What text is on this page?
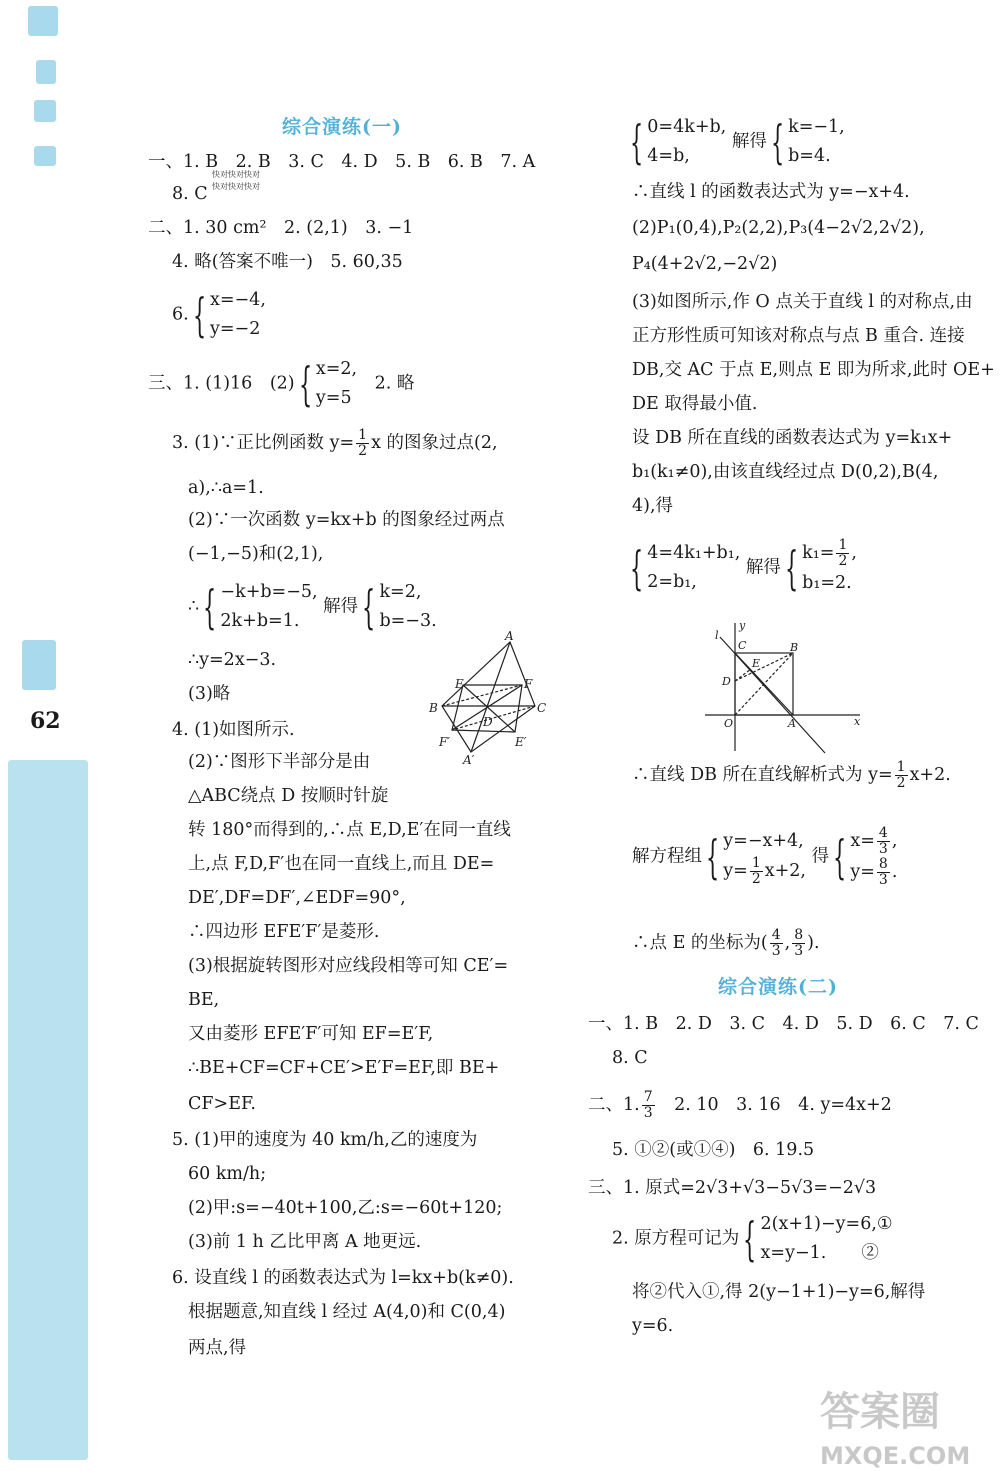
62
综合演练(一)
一、1. B　2. B　3. C　4. D　5. B　6. B　7. A
快对快对快对
快对快对快对
8. C
二、1. 30 cm²　2. (2,1)　3. −1
4. 略(答案不唯一)　5. 60,35
6.{ x=−4,
y=−2
三、1. (1)16　(2){ x=2,
y=5
　2. 略
3. (1)∵正比例函数 $y= \frac{1}{2}$ x 的图象过点(2,
a),∴a=1.
(2)∵一次函数 y=kx+b 的图象经过两点
(−1,−5)和(2,1),
∴{ −k+b=−5,
2k+b=1.
解得{ k=2,
b=−3.
∴y=2x−3.
(3)略
4. (1)如图所示.
(2)∵图形下半部分是由
△ABC绕点 D 按顺时针旋
转 180°而得到的,∴点 E,D,E′在同一直线
上,点 F,D,F′也在同一直线上,而且 DE=
DE′,DF=DF′,∠EDF=90°,
∴四边形 EFE′F′是菱形.
(3)根据旋转图形对应线段相等可知 CE′=
BE,
又由菱形 EFE′F′可知 EF=E′F,
∴BE+CF=CF+CE′>E′F=EF,即 BE+
CF>EF.
5. (1)甲的速度为 40 km/h,乙的速度为
60 km/h;
(2)甲:s=−40t+100,乙:s=−60t+120;
(3)前 1 h 乙比甲离 A 地更远.
6. 设直线 l 的函数表达式为 l=kx+b(k≠0).
根据题意,知直线 l 经过 A(4,0)和 C(0,4)
两点,得
A
B	C
D
E	F
E′
F′
A′
{ 0=4k+b,
4=b,
解得{ k=−1,
b=4.
∴直线 l 的函数表达式为 y=−x+4.
(2)P₁(0,4),P₂(2,2),P₃(4−2√2,2√2),
P₄(4+2√2,−2√2)
(3)如图所示,作 O 点关于直线 l 的对称点,由
正方形性质可知该对称点与点 B 重合. 连接
DB,交 AC 于点 E,则点 E 即为所求,此时 OE+
DE 取得最小值.
设 DB 所在直线的函数表达式为 y=k₁x+
b₁(k₁≠0),由该直线经过点 D(0,2),B(4,
4),得
{ 4=4k₁+b₁,
2=b₁,
解得{ $k_1= \frac{1}{2}$ ,
b₁=2.
∴直线 DB 所在直线解析式为 $y= \frac{1}{2} x+2$.
解方程组{ y=−x+4,
$y= \frac{1}{2} x+2$,
得{ $x= \frac{4}{3}$ ,
$y= \frac{8}{3}$ .
∴点 E 的坐标为( $\frac{4}{3}$ , $\frac{8}{3}$ ).
综合演练(二)
一、1. B　2. D　3. C　4. D　5. D　6. C　7. C
8. C
二、1. $\frac{7}{3}$ 　2. 10　3. 16　4. y=4x+2
5. ①②(或①④)　6. 19.5
三、1. 原式=2√3+√3−5√3=−2√3
2. 原方程可记为{ 2(x+1)−y=6,①
x=y−1.　　②
将②代入①,得 2(y−1+1)−y=6,解得
y=6.
y
x
l
C	B
E
D
O	A
答案圈
MXQE.COM
